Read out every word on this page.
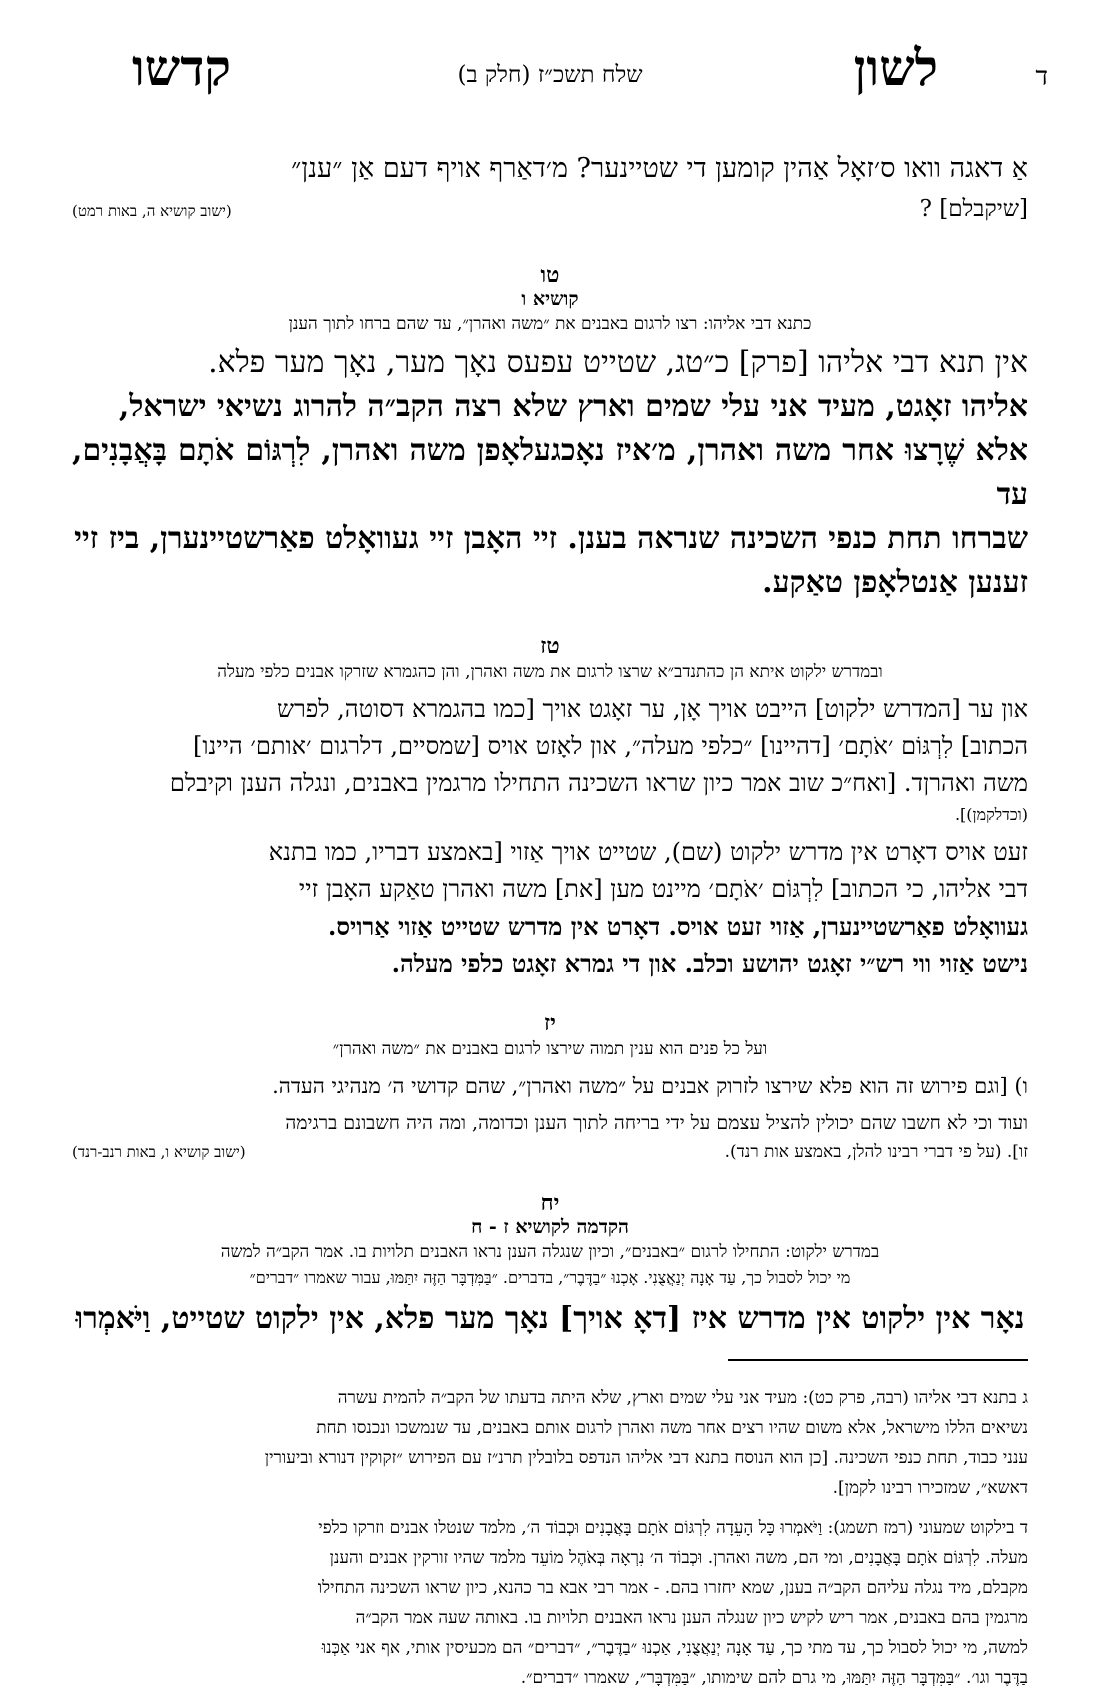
ד
לשון
שלח תשכ״ז (חלק ב)
קדשו

אַ דאגה וואו ס׳זאָל אַהין קומען די שטיינער? מ׳דאַרף אויף דעם אַן ״ענן״

[שיקבלם] ?
(ישוב קושיא ה, באות רמט)
טו
קושיא ו
כתנא דבי אליהו: רצו לרגום באבנים את ״משה ואהרן״, עד שהם ברחו לתוך הענן

אין תנא דבי אליהו [פרק] כ״טג, שטייט עפעס נאָך מער, נאָך מער פלא.

אליהו זאָגט, מעיד אני עלי שמים וארץ שלא רצה הקב״ה להרוג נשיאי ישראל,

אלא שֶׁרָצוּ אחר משה ואהרן, מ׳איז נאָכגעלאָפן משה ואהרן, לִרְגּוֹם אֹתָם בָּאֲבָנִים, עד

שברחו תחת כנפי השכינה שנראה בענן. זיי האָבן זיי געוואָלט פאַרשטיינערן, ביז זיי

זענען אַנטלאָפן טאַקע.

טז
ובמדרש ילקוט איתא הן כהתנדב״א שרצו לרגום את משה ואהרן, והן כהגמרא שזרקו אבנים כלפי מעלה

און ער [המדרש ילקוט] הייבט אויך אָן, ער זאָגט אויך [כמו בהגמרא דסוטה, לפרש

הכתוב] לִרְגּוֹם ׳אֹתָם׳ [דהיינו] ״כלפי מעלה״, און לאָזט אויס [שמסיים, דלרגום ׳אותם׳ היינו]

משה ואהרןד. [ואח״כ שוב אמר כיון שראו השכינה התחילו מרגמין באבנים, ונגלה הענן וקיבלם

(וכדלקמן)].

זעט אויס דאָרט אין מדרש ילקוט (שם), שטייט אויך אַזוי [באמצע דבריו, כמו בתנא

דבי אליהו, כי הכתוב] לִרְגּוֹם ׳אֹתָם׳ מיינט מען [את] משה ואהרן טאַקע האָבן זיי

געוואָלט פאַרשטיינערן, אַזוי זעט אויס. דאָרט אין מדרש שטייט אַזוי אַרויס.

נישט אַזוי ווי רש״י זאָגט יהושע וכלב. און די גמרא זאָגט כלפי מעלה.

יז
ועל כל פנים הוא ענין תמוה שירצו לרגום באבנים את ״משה ואהרן״

ו) [וגם פירוש זה הוא פלא שירצו לזרוק אבנים על ״משה ואהרן״, שהם קדושי ה׳ מנהיגי העדה.

ועוד וכי לא חשבו שהם יכולין להציל עצמם על ידי בריחה לתוך הענן וכדומה, ומה היה חשבונם ברגימה

זו]. (על פי דברי רבינו להלן, באמצע אות רנד).
(ישוב קושיא ו, באות רנב-רנד)
יח
הקדמה לקושיא ז - ח
במדרש ילקוט: התחילו לרגום ״באבנים״, וכיון שנגלה הענן נראו האבנים תלויות בו. אמר הקב״ה למשה
מי יכול לסבול כך, עַד אָנָה יְנַאֲצֻנִי. אָכְנוּ ״בַדֶּבֶר״, בדברים. ״בַּמִּדְבָּר הַזֶּה יִתַּמּוּ, עבור שאמרו ״דברים״

נאָר אין ילקוט אין מדרש איז [דאָ אויך] נאָך מער פלא, אין ילקוט שטייט, וַיֹּאמְרוּ

ג בתנא דבי אליהו (רבה, פרק כט): מעיד אני עלי שמים וארץ, שלא היתה בדעתו של הקב״ה להמית עשרה
נשיאים הללו מישראל, אלא משום שהיו רצים אחר משה ואהרן לרגום אותם באבנים, עד שנמשכו ונכנסו תחת
ענני כבוד, תחת כנפי השכינה. [כן הוא הנוסח בתנא דבי אליהו הנדפס בלובלין תרנ״ז עם הפירוש ״זקוקין דנורא וביעורין
דאשא״, שמזכירו רבינו לקמן].
ד בילקוט שמעוני (רמז תשמג): וַיֹּאמְרוּ כָּל הָעֵדָה לִרְגּוֹם אֹתָם בָּאֲבָנִים וּכְבוֹד ה׳, מלמד שנטלו אבנים וזרקו כלפי
מעלה. לִרְגּוֹם אֹתָם בָּאֲבָנִים, ומי הם, משה ואהרן. וּכְבוֹד ה׳ נִרְאָה בְּאֹהֶל מוֹעֵד מלמד שהיו זורקין אבנים והענן
מקבלם, מיד נגלה עליהם הקב״ה בענן, שמא יחזרו בהם. - אמר רבי אבא בר כהנא, כיון שראו השכינה התחילו
מרגמין בהם באבנים, אמר ריש לקיש כיון שנגלה הענן נראו האבנים תלויות בו. באותה שעה אמר הקב״ה
למשה, מי יכול לסבול כך, עד מתי כך, עַד אָנָה יְנַאֲצֻנִי, אַכְנוּ ״בַדֶּבֶר״, ״דברים״ הם מכעיסין אותי, אף אני אַכְּנוּ
בַדֶּבֶר וגו׳. ״בַּמִּדְבָּר הַזֶּה יִתַּמּוּ, מי גרם להם שימותו, ״בַּמִּדְבָּר״, שאמרו ״דברים״.
